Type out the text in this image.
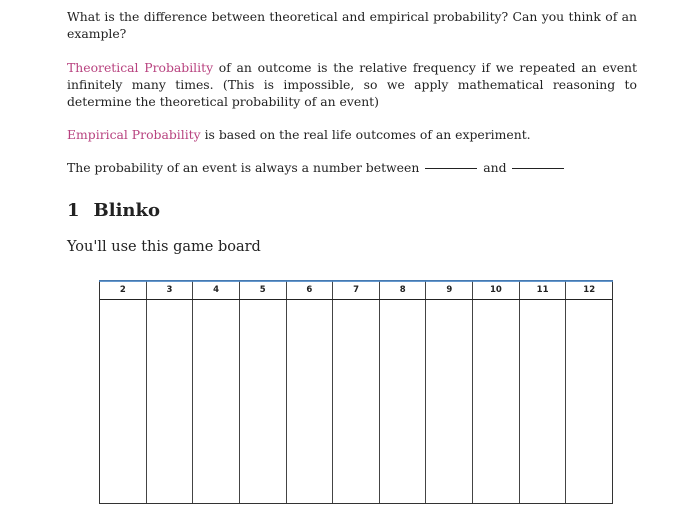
What is the difference between theoretical and empirical probability? Can you think of an example?

Theoretical Probability of an outcome is the relative frequency if we repeated an event infinitely many times. (This is impossible, so we apply mathematical reasoning to determine the theoretical probability of an event)

Empirical Probability is based on the real life outcomes of an experiment.

The probability of an event is always a number between	and

1 Blinko

You'll use this game board

2	3	4	5	6	7	8	9	10	11	12
